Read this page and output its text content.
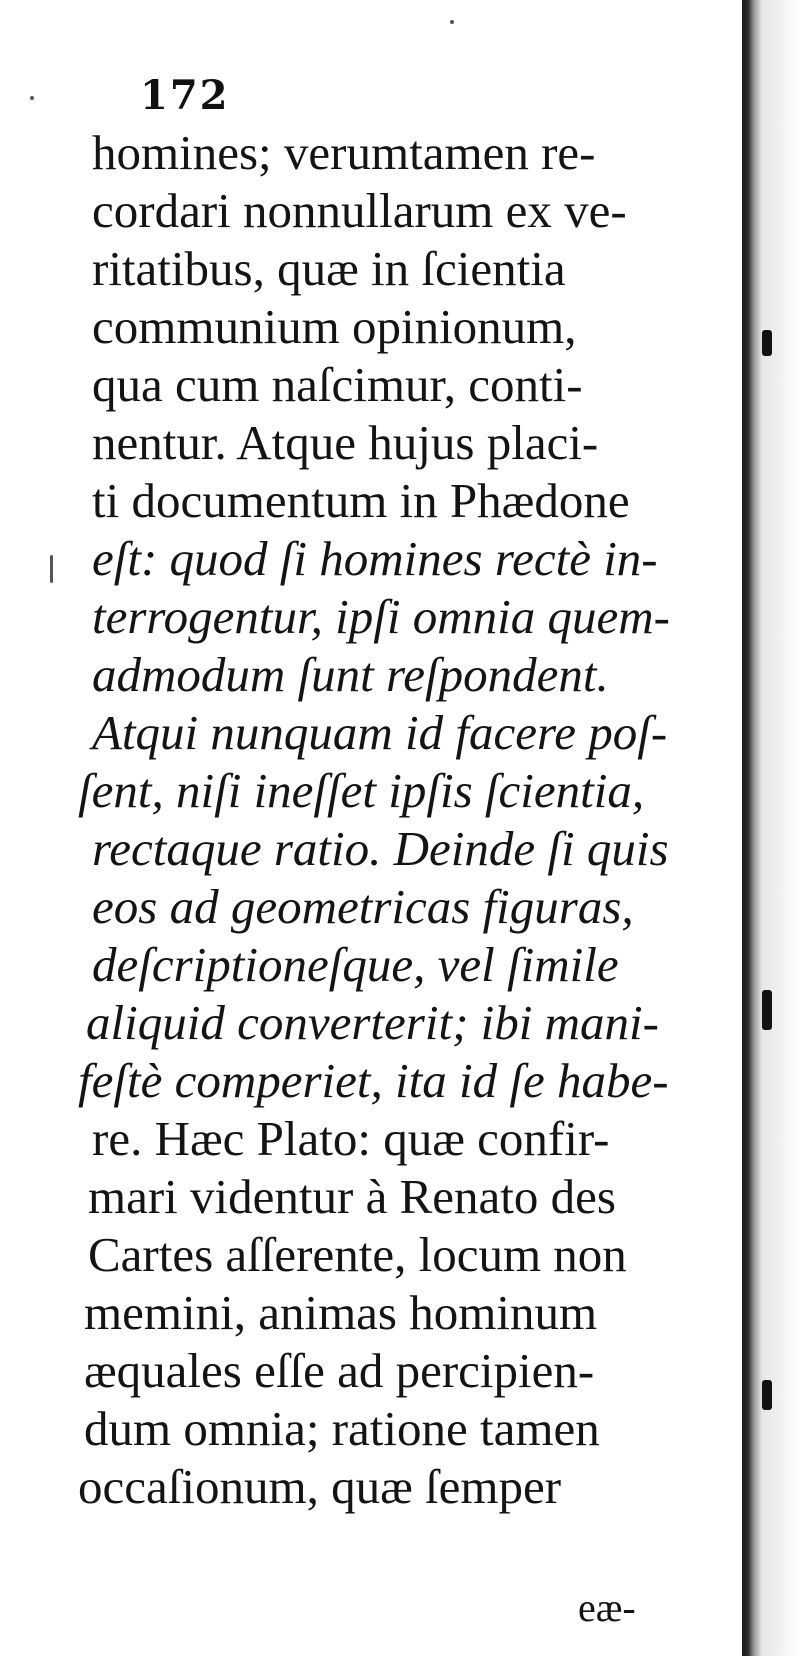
172
homines; verumtamen re-
cordari nonnullarum ex ve-
ritatibus, quæ in ſcientia
communium opinionum,
qua cum naſcimur, conti-
nentur. Atque hujus placi-
ti documentum in Phædone
eſt: quod ſi homines rectè in-
terrogentur, ipſi omnia quem-
admodum ſunt reſpondent.
Atqui nunquam id facere poſ-
ſent, niſi ineſſet ipſis ſcientia,
rectaque ratio. Deinde ſi quis
eos ad geometricas figuras,
deſcriptioneſque, vel ſimile
aliquid converterit; ibi mani-
feſtè comperiet, ita id ſe habe-
re. Hæc Plato: quæ confir-
mari videntur à Renato des
Cartes aſſerente, locum non
memini, animas hominum
æquales eſſe ad percipien-
dum omnia; ratione tamen
occaſionum, quæ ſemper
eæ-
